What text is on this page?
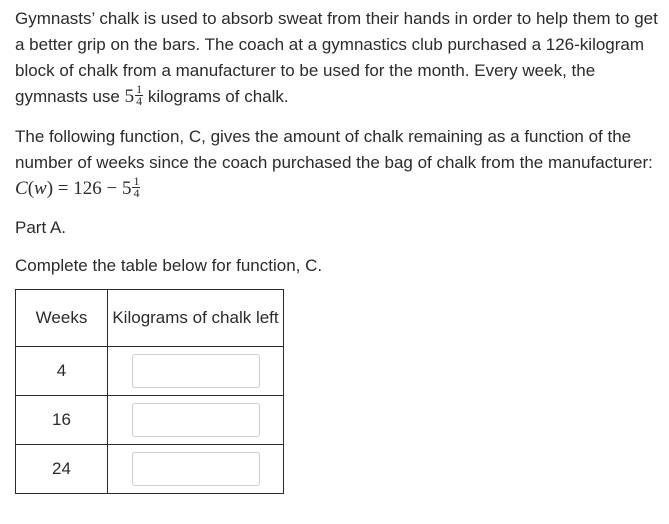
Gymnasts’ chalk is used to absorb sweat from their hands in order to help them to get a better grip on the bars. The coach at a gymnastics club purchased a 126-kilogram block of chalk from a manufacturer to be used for the month. Every week, the gymnasts use $5 \frac{1}{4}$ kilograms of chalk.

The following function, C, gives the amount of chalk remaining as a function of the number of weeks since the coach purchased the bag of chalk from the manufacturer: $C(w) = 126 - 5 \frac{1}{4}$

Part A.

Complete the table below for function, C.

Weeks	Kilograms of chalk left
4	

16	

24	
